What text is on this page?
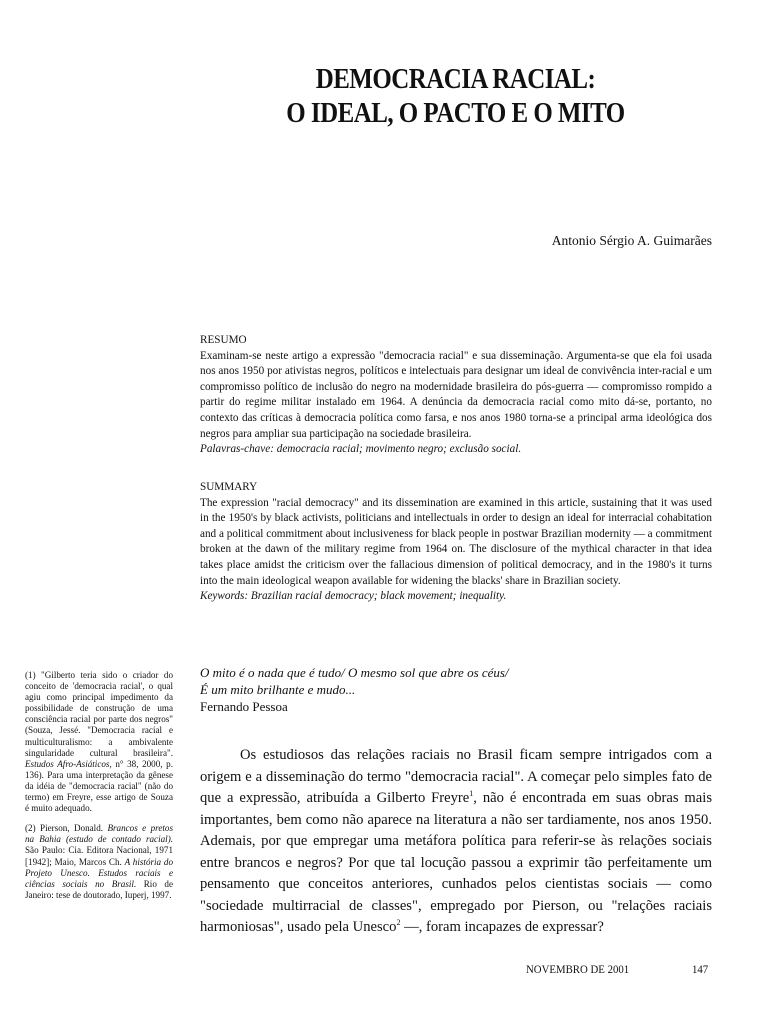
DEMOCRACIA RACIAL:
O IDEAL, O PACTO E O MITO
Antonio Sérgio A. Guimarães

RESUMO

Examinam-se neste artigo a expressão "democracia racial" e sua disseminação. Argumenta-se que ela foi usada nos anos 1950 por ativistas negros, políticos e intelectuais para designar um ideal de convivência inter-racial e um compromisso político de inclusão do negro na modernidade brasileira do pós-guerra — compromisso rompido a partir do regime militar instalado em 1964. A denúncia da democracia racial como mito dá-se, portanto, no contexto das críticas à democracia política como farsa, e nos anos 1980 torna-se a principal arma ideológica dos negros para ampliar sua participação na sociedade brasileira.

Palavras-chave: democracia racial; movimento negro; exclusão social.

SUMMARY

The expression "racial democracy" and its dissemination are examined in this article, sustaining that it was used in the 1950's by black activists, politicians and intellectuals in order to design an ideal for interracial cohabitation and a political commitment about inclusiveness for black people in postwar Brazilian modernity — a commitment broken at the dawn of the military regime from 1964 on. The disclosure of the mythical character in that idea takes place amidst the criticism over the fallacious dimension of political democracy, and in the 1980's it turns into the main ideological weapon available for widening the blacks' share in Brazilian society.

Keywords: Brazilian racial democracy; black movement; inequality.

(1) "Gilberto teria sido o criador do conceito de 'democracia racial', o qual agiu como principal impedimento da possibilidade de construção de uma consciência racial por parte dos negros" (Souza, Jessé. "Democracia racial e multiculturalismo: a ambivalente singularidade cultural brasileira". Estudos Afro-Asiáticos, n° 38, 2000, p. 136). Para uma interpretação da gênese da idéia de "democracia racial" (não do termo) em Freyre, esse artigo de Souza é muito adequado.

(2) Pierson, Donald. Brancos e pretos na Bahia (estudo de contado racial). São Paulo: Cia. Editora Nacional, 1971 [1942]; Maio, Marcos Ch. A história do Projeto Unesco. Estudos raciais e ciências sociais no Brasil. Rio de Janeiro: tese de doutorado, Iuperj, 1997.

O mito é o nada que é tudo/ O mesmo sol que abre os céus/
É um mito brilhante e mudo...
Fernando Pessoa

Os estudiosos das relações raciais no Brasil ficam sempre intrigados com a origem e a disseminação do termo "democracia racial". A começar pelo simples fato de que a expressão, atribuída a Gilberto Freyre$^1$, não é encontrada em suas obras mais importantes, bem como não aparece na literatura a não ser tardiamente, nos anos 1950. Ademais, por que empregar uma metáfora política para referir-se às relações sociais entre brancos e negros? Por que tal locução passou a exprimir tão perfeitamente um pensamento que conceitos anteriores, cunhados pelos cientistas sociais — como "sociedade multirracial de classes", empregado por Pierson, ou "relações raciais harmoniosas", usado pela Unesco$^2$ —, foram incapazes de expressar?

NOVEMBRO DE 2001	147
